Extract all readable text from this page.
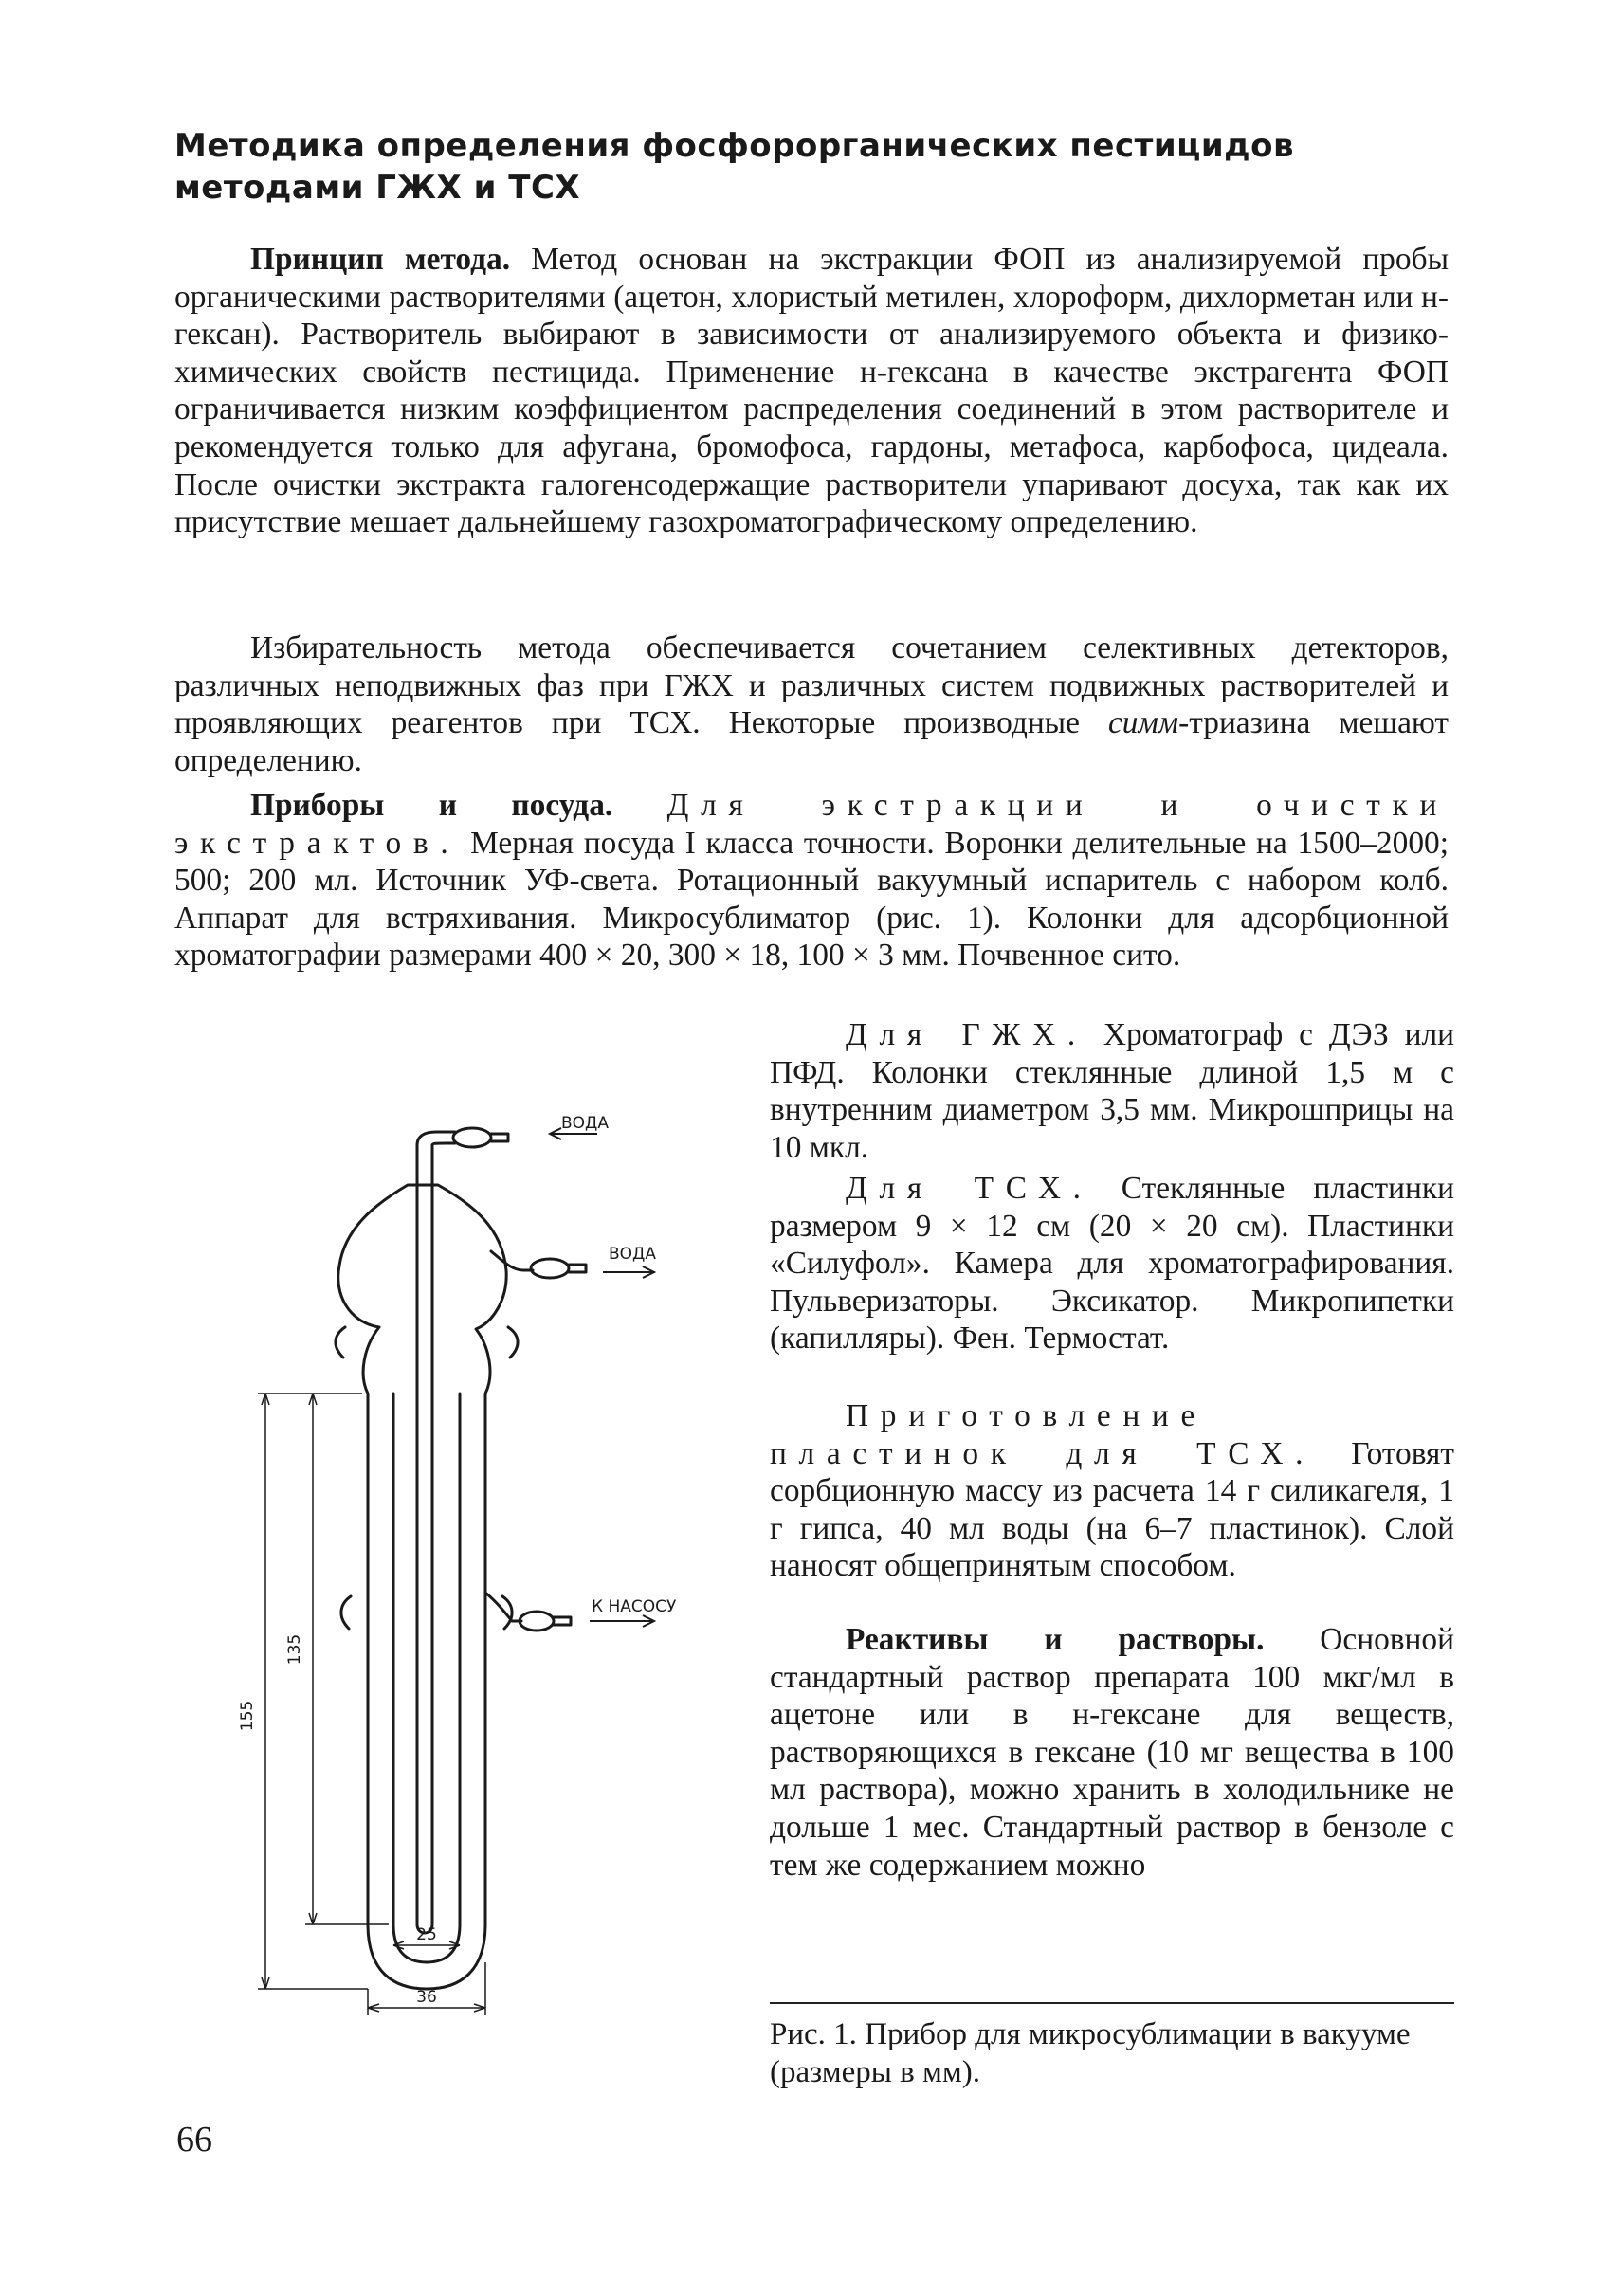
Методика определения фосфорорганических пестицидов
методами ГЖХ и ТСХ

Принцип метода. Метод основан на экстракции ФОП из анализируемой пробы органическими растворителями (ацетон, хлористый метилен, хлороформ, дихлорметан или н-гексан). Растворитель выбирают в зависимости от анализируемого объекта и физико-химических свойств пестицида. Применение н-гексана в качестве экстрагента ФОП ограничивается низким коэффициентом распределения соединений в этом растворителе и рекомендуется только для афугана, бромофоса, гардоны, метафоса, карбофоса, цидеала. После очистки экстракта галогенсодержащие растворители упаривают досуха, так как их присутствие мешает дальнейшему газохроматографическому определению.

Избирательность метода обеспечивается сочетанием селективных детекторов, различных неподвижных фаз при ГЖХ и различных систем подвижных растворителей и проявляющих реагентов при ТСХ. Некоторые производные симм-триазина мешают определению.

Приборы и посуда. Для экстракции и очистки экстрактов. Мерная посуда I класса точности. Воронки делительные на 1500–2000; 500; 200 мл. Источник УФ-света. Ротационный вакуумный испаритель с набором колб. Аппарат для встряхивания. Микросублиматор (рис. 1). Колонки для адсорбционной хроматографии размерами 400 × 20, 300 × 18, 100 × 3 мм. Почвенное сито.

Для ГЖХ. Хроматограф с ДЭЗ или ПФД. Колонки стеклянные длиной 1,5 м с внутренним диаметром 3,5 мм. Микрошприцы на 10 мкл.

Для ТСХ. Стеклянные пластинки размером 9 × 12 см (20 × 20 см). Пластинки «Силуфол». Камера для хроматографирования. Пульверизаторы. Эксикатор. Микропипетки (капилляры). Фен. Термостат.

Приготовление пластинок для ТСХ. Готовят сорбционную массу из расчета 14 г силикагеля, 1 г гипса, 40 мл воды (на 6–7 пластинок). Слой наносят общепринятым способом.

Реактивы и растворы. Основной стандартный раствор препарата 100 мкг/мл в ацетоне или в н-гексане для веществ, растворяющихся в гексане (10 мг вещества в 100 мл раствора), можно хранить в холодильнике не дольше 1 мес. Стандартный раствор в бензоле с тем же содержанием можно

ВОДА
ВОДА
К НАСОСУ
135
155
25
36

Рис. 1. Прибор для микросублимации в вакууме (размеры в мм).

66
